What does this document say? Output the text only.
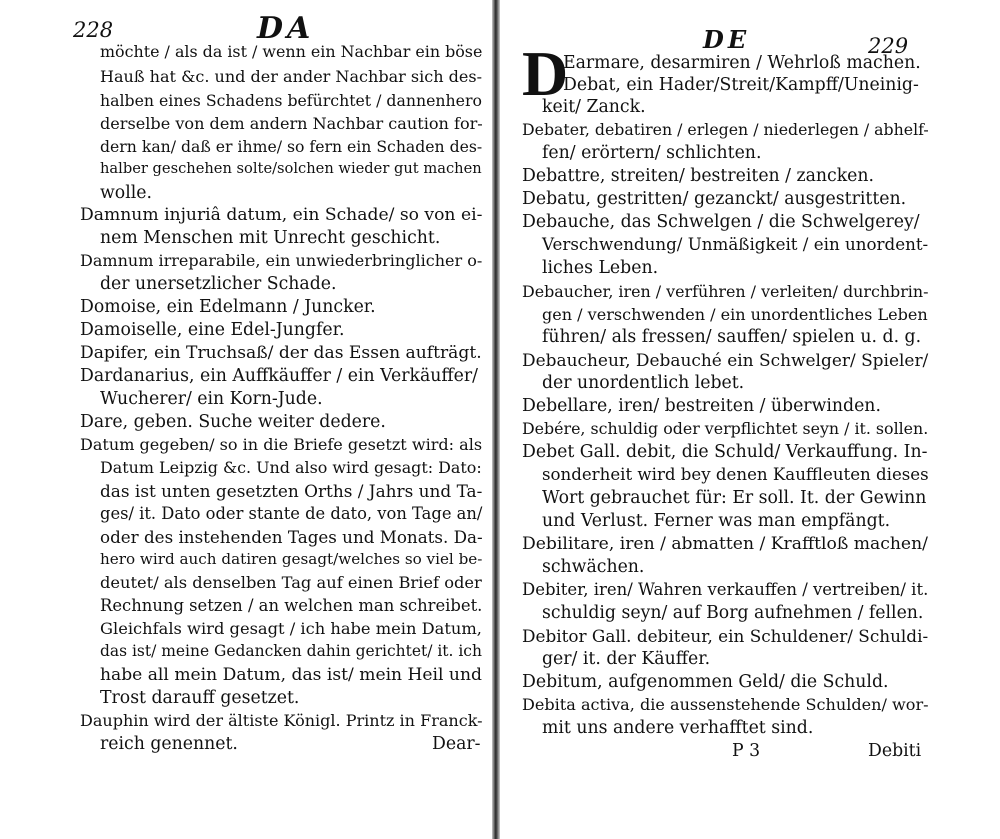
228	DA
möchte / als da ist / wenn ein Nachbar ein böse
Hauß hat &c. und der ander Nachbar sich des-
halben eines Schadens befürchtet / dannenhero
derselbe von dem andern Nachbar caution for-
dern kan/ daß er ihme/ so fern ein Schaden des-
halber geschehen solte/solchen wieder gut machen
wolle.
Damnum injuriâ datum, ein Schade/ so von ei-
nem Menschen mit Unrecht geschicht.
Damnum irreparabile, ein unwiederbringlicher o-
der unersetzlicher Schade.
Domoise, ein Edelmann / Juncker.
Damoiselle, eine Edel-Jungfer.
Dapifer, ein Truchsaß/ der das Essen aufträgt.
Dardanarius, ein Auffkäuffer / ein Verkäuffer/
Wucherer/ ein Korn-Jude.
Dare, geben. Suche weiter dedere.
Datum gegeben/ so in die Briefe gesetzt wird: als
Datum Leipzig &c. Und also wird gesagt: Dato:
das ist unten gesetzten Orths / Jahrs und Ta-
ges/ it. Dato oder stante de dato, von Tage an/
oder des instehenden Tages und Monats. Da-
hero wird auch datiren gesagt/welches so viel be-
deutet/ als denselben Tag auf einen Brief oder
Rechnung setzen / an welchen man schreibet.
Gleichfals wird gesagt / ich habe mein Datum,
das ist/ meine Gedancken dahin gerichtet/ it. ich
habe all mein Datum, das ist/ mein Heil und
Trost darauff gesetzet.
Dauphin wird der ältiste Königl. Printz in Franck-
reich genennet.	Dear-
DE	229
D
Earmare, desarmiren / Wehrloß machen.
Debat, ein Hader/Streit/Kampff/Uneinig-
keit/ Zanck.
Debater, debatiren / erlegen / niederlegen / abhelf-
fen/ erörtern/ schlichten.
Debattre, streiten/ bestreiten / zancken.
Debatu, gestritten/ gezanckt/ ausgestritten.
Debauche, das Schwelgen / die Schwelgerey/
Verschwendung/ Unmäßigkeit / ein unordent-
liches Leben.
Debaucher, iren / verführen / verleiten/ durchbrin-
gen / verschwenden / ein unordentliches Leben
führen/ als fressen/ sauffen/ spielen u. d. g.
Debaucheur, Debauché ein Schwelger/ Spieler/
der unordentlich lebet.
Debellare, iren/ bestreiten / überwinden.
Debére, schuldig oder verpflichtet seyn / it. sollen.
Debet Gall. debit, die Schuld/ Verkauffung. In-
sonderheit wird bey denen Kauffleuten dieses
Wort gebrauchet für: Er soll. It. der Gewinn
und Verlust. Ferner was man empfängt.
Debilitare, iren / abmatten / Krafftloß machen/
schwächen.
Debiter, iren/ Wahren verkauffen / vertreiben/ it.
schuldig seyn/ auf Borg aufnehmen / fellen.
Debitor Gall. debiteur, ein Schuldener/ Schuldi-
ger/ it. der Käuffer.
Debitum, aufgenommen Geld/ die Schuld.
Debita activa, die aussenstehende Schulden/ wor-
mit uns andere verhafftet sind.
P 3	Debiti
